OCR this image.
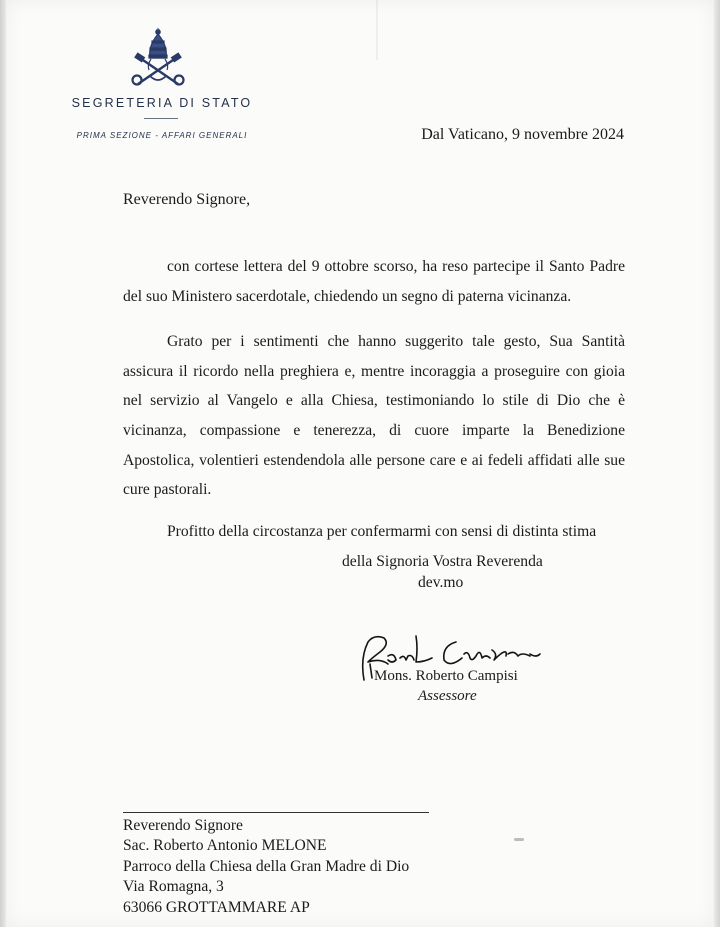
SEGRETERIA DI STATO
PRIMA SEZIONE - AFFARI GENERALI	Dal Vaticano, 9 novembre 2024
Reverendo Signore,

con cortese lettera del 9 ottobre scorso, ha reso partecipe il Santo Padre del suo Ministero sacerdotale, chiedendo un segno di paterna vicinanza.

Grato per i sentimenti che hanno suggerito tale gesto, Sua Santità assicura il ricordo nella preghiera e, mentre incoraggia a proseguire con gioia nel servizio al Vangelo e alla Chiesa, testimoniando lo stile di Dio che è vicinanza, compassione e tenerezza, di cuore imparte la Benedizione Apostolica, volentieri estendendola alle persone care e ai fedeli affidati alle sue cure pastorali.

Profitto della circostanza per confermarmi con sensi di distinta stima
della Signoria Vostra Reverenda
dev.mo
Mons. Roberto Campisi
Assessore
Reverendo Signore
Sac. Roberto Antonio MELONE
Parroco della Chiesa della Gran Madre di Dio
Via Romagna, 3
63066 GROTTAMMARE AP
